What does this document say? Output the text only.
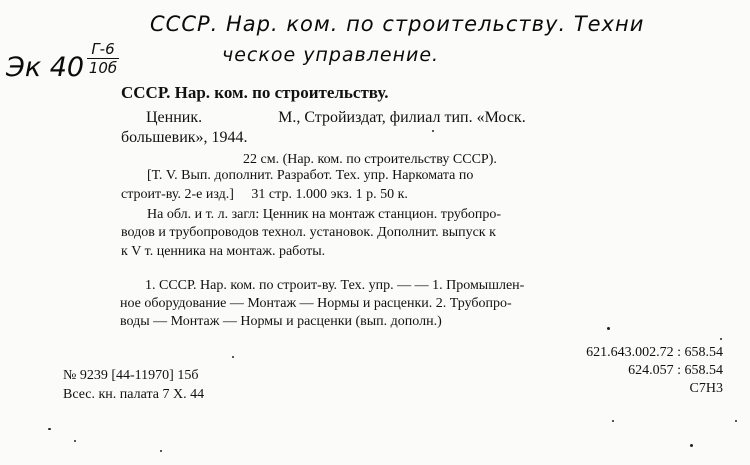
СССР. Нар. ком. по строительству. Техни
ческое управление.
Эк 40
Г-6
10б
СССР. Нар. ком. по строительству.
Ценник.                   М., Стройиздат, филиал тип. «Моск.
большевик», 1944.
22 см. (Нар. ком. по строительству СССР).
[Т. V. Вып. дополнит. Разработ. Тех. упр. Наркомата по
строит-ву. 2-е изд.]     31 стр. 1.000 экз. 1 р. 50 к.
На обл. и т. л. загл: Ценник на монтаж станцион. трубопро-
водов и трубопроводов технол. установок. Дополнит. выпуск к
к V т. ценника на монтаж. работы.
1. СССР. Нар. ком. по строит-ву. Тех. упр. — — 1. Промышлен-
ное оборудование — Монтаж — Нормы и расценки. 2. Трубопро-
воды — Монтаж — Нормы и расценки (вып. дополн.)
621.643.002.72 : 658.54
624.057 : 658.54
С7Н3
№ 9239 [44-11970] 15б
Всес. кн. палата 7 Х. 44
